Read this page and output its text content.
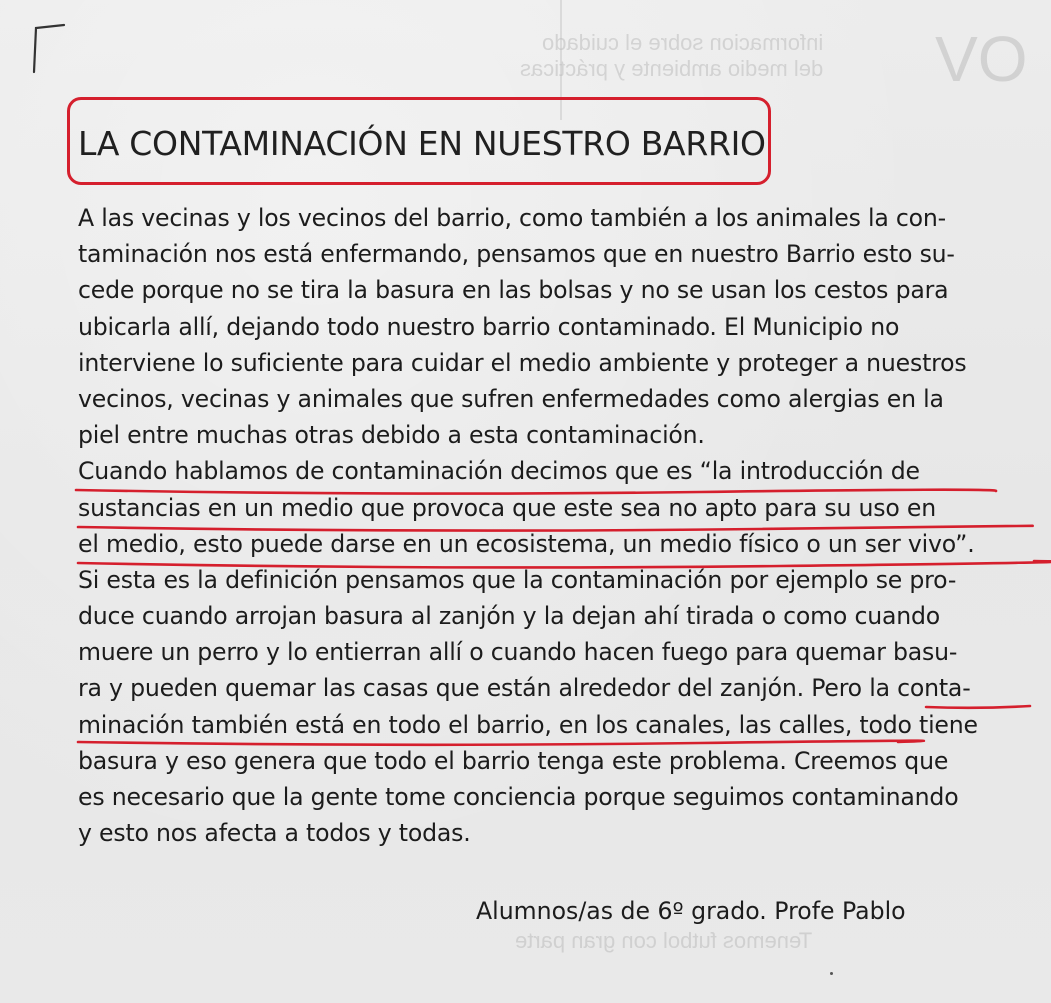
ОV
informacion sobre el cuidado
del medio ambiente y prácticas
Tenemos futbol con gran parte
LA CONTAMINACIÓN EN NUESTRO BARRIO
A las vecinas y los vecinos del barrio, como también a los animales la con-
taminación nos está enfermando, pensamos que en nuestro Barrio esto su-
cede porque no se tira la basura en las bolsas y no se usan los cestos para
ubicarla allí, dejando todo nuestro barrio contaminado. El Municipio no
interviene lo suficiente para cuidar el medio ambiente y proteger a nuestros
vecinos, vecinas y animales que sufren enfermedades como alergias en la
piel entre muchas otras debido a esta contaminación.
Cuando hablamos de contaminación decimos que es “la introducción de
sustancias en un medio que provoca que este sea no apto para su uso en
el medio, esto puede darse en un ecosistema, un medio físico o un ser vivo”.
Si esta es la definición pensamos que la contaminación por ejemplo se pro-
duce cuando arrojan basura al zanjón y la dejan ahí tirada o como cuando
muere un perro y lo entierran allí o cuando hacen fuego para quemar basu-
ra y pueden quemar las casas que están alrededor del zanjón. Pero la conta-
minación también está en todo el barrio, en los canales, las calles, todo tiene
basura y eso genera que todo el barrio tenga este problema. Creemos que
es necesario que la gente tome conciencia porque seguimos contaminando
y esto nos afecta a todos y todas.
Alumnos/as de 6º grado. Profe Pablo
